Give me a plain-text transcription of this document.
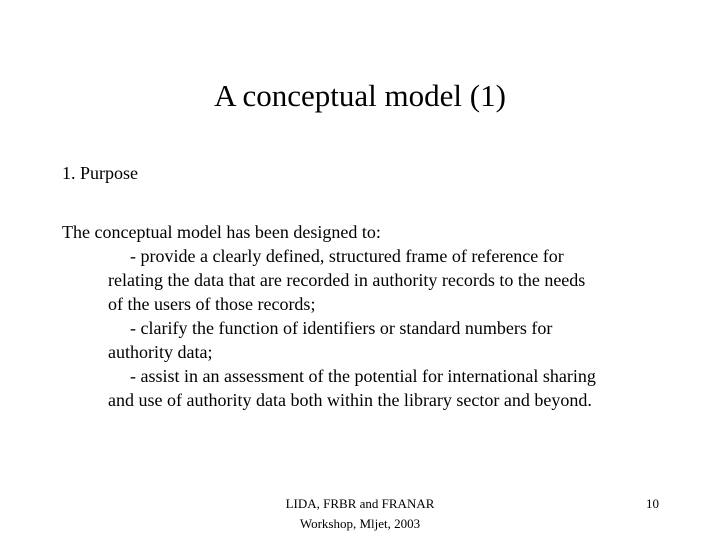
A conceptual model (1)
1. Purpose
The conceptual model has been designed to:
- provide a clearly defined, structured frame of reference for
relating the data that are recorded in authority records to the needs
of the users of those records;
- clarify the function of identifiers or standard numbers for
authority data;
- assist in an assessment of the potential for international sharing
and use of authority data both within the library sector and beyond.
LIDA, FRBR and FRANAR
Workshop, Mljet, 2003
10
